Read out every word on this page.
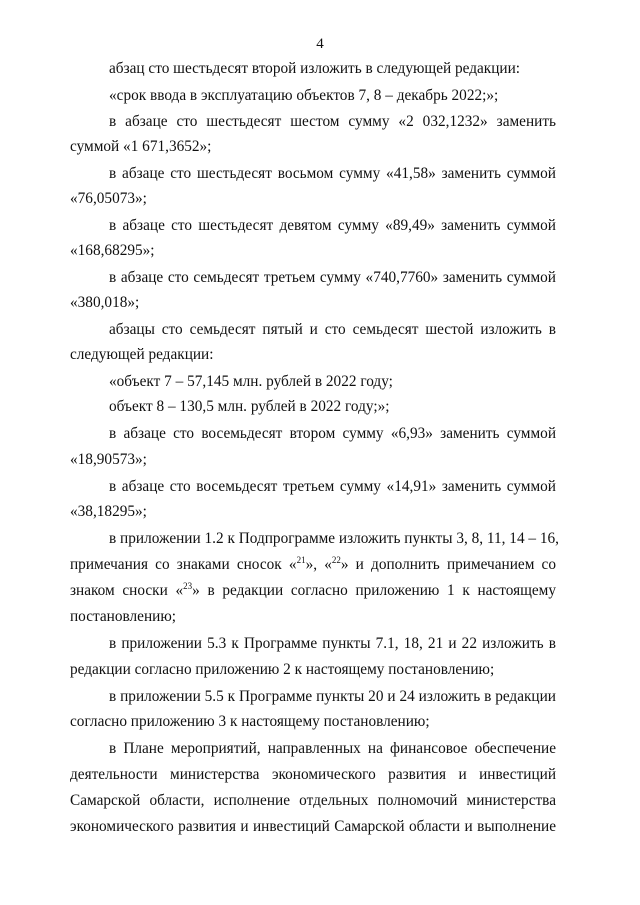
4
абзац сто шестьдесят второй изложить в следующей редакции:
«срок ввода в эксплуатацию объектов 7, 8 – декабрь 2022;»;
в абзаце сто шестьдесят шестом сумму «2 032,1232» заменить
суммой «1 671,3652»;
в абзаце сто шестьдесят восьмом сумму «41,58» заменить суммой
«76,05073»;
в абзаце сто шестьдесят девятом сумму «89,49» заменить суммой
«168,68295»;
в абзаце сто семьдесят третьем сумму «740,7760» заменить суммой
«380,018»;
абзацы сто семьдесят пятый и сто семьдесят шестой изложить в
следующей редакции:
«объект 7 – 57,145 млн. рублей в 2022 году;
объект 8 – 130,5 млн. рублей в 2022 году;»;
в абзаце сто восемьдесят втором сумму «6,93» заменить суммой
«18,90573»;
в абзаце сто восемьдесят третьем сумму «14,91» заменить суммой
«38,18295»;
в приложении 1.2 к Подпрограмме изложить пункты 3, 8, 11, 14 – 16,
примечания со знаками сносок «$^{21}$», «$^{22}$» и дополнить примечанием со
знаком сноски «$^{23}$» в редакции согласно приложению 1 к настоящему
постановлению;
в приложении 5.3 к Программе пункты 7.1, 18, 21 и 22 изложить в
редакции согласно приложению 2 к настоящему постановлению;
в приложении 5.5 к Программе пункты 20 и 24 изложить в редакции
согласно приложению 3 к настоящему постановлению;
в Плане мероприятий, направленных на финансовое обеспечение
деятельности министерства экономического развития и инвестиций
Самарской области, исполнение отдельных полномочий министерства
экономического развития и инвестиций Самарской области и выполнение
